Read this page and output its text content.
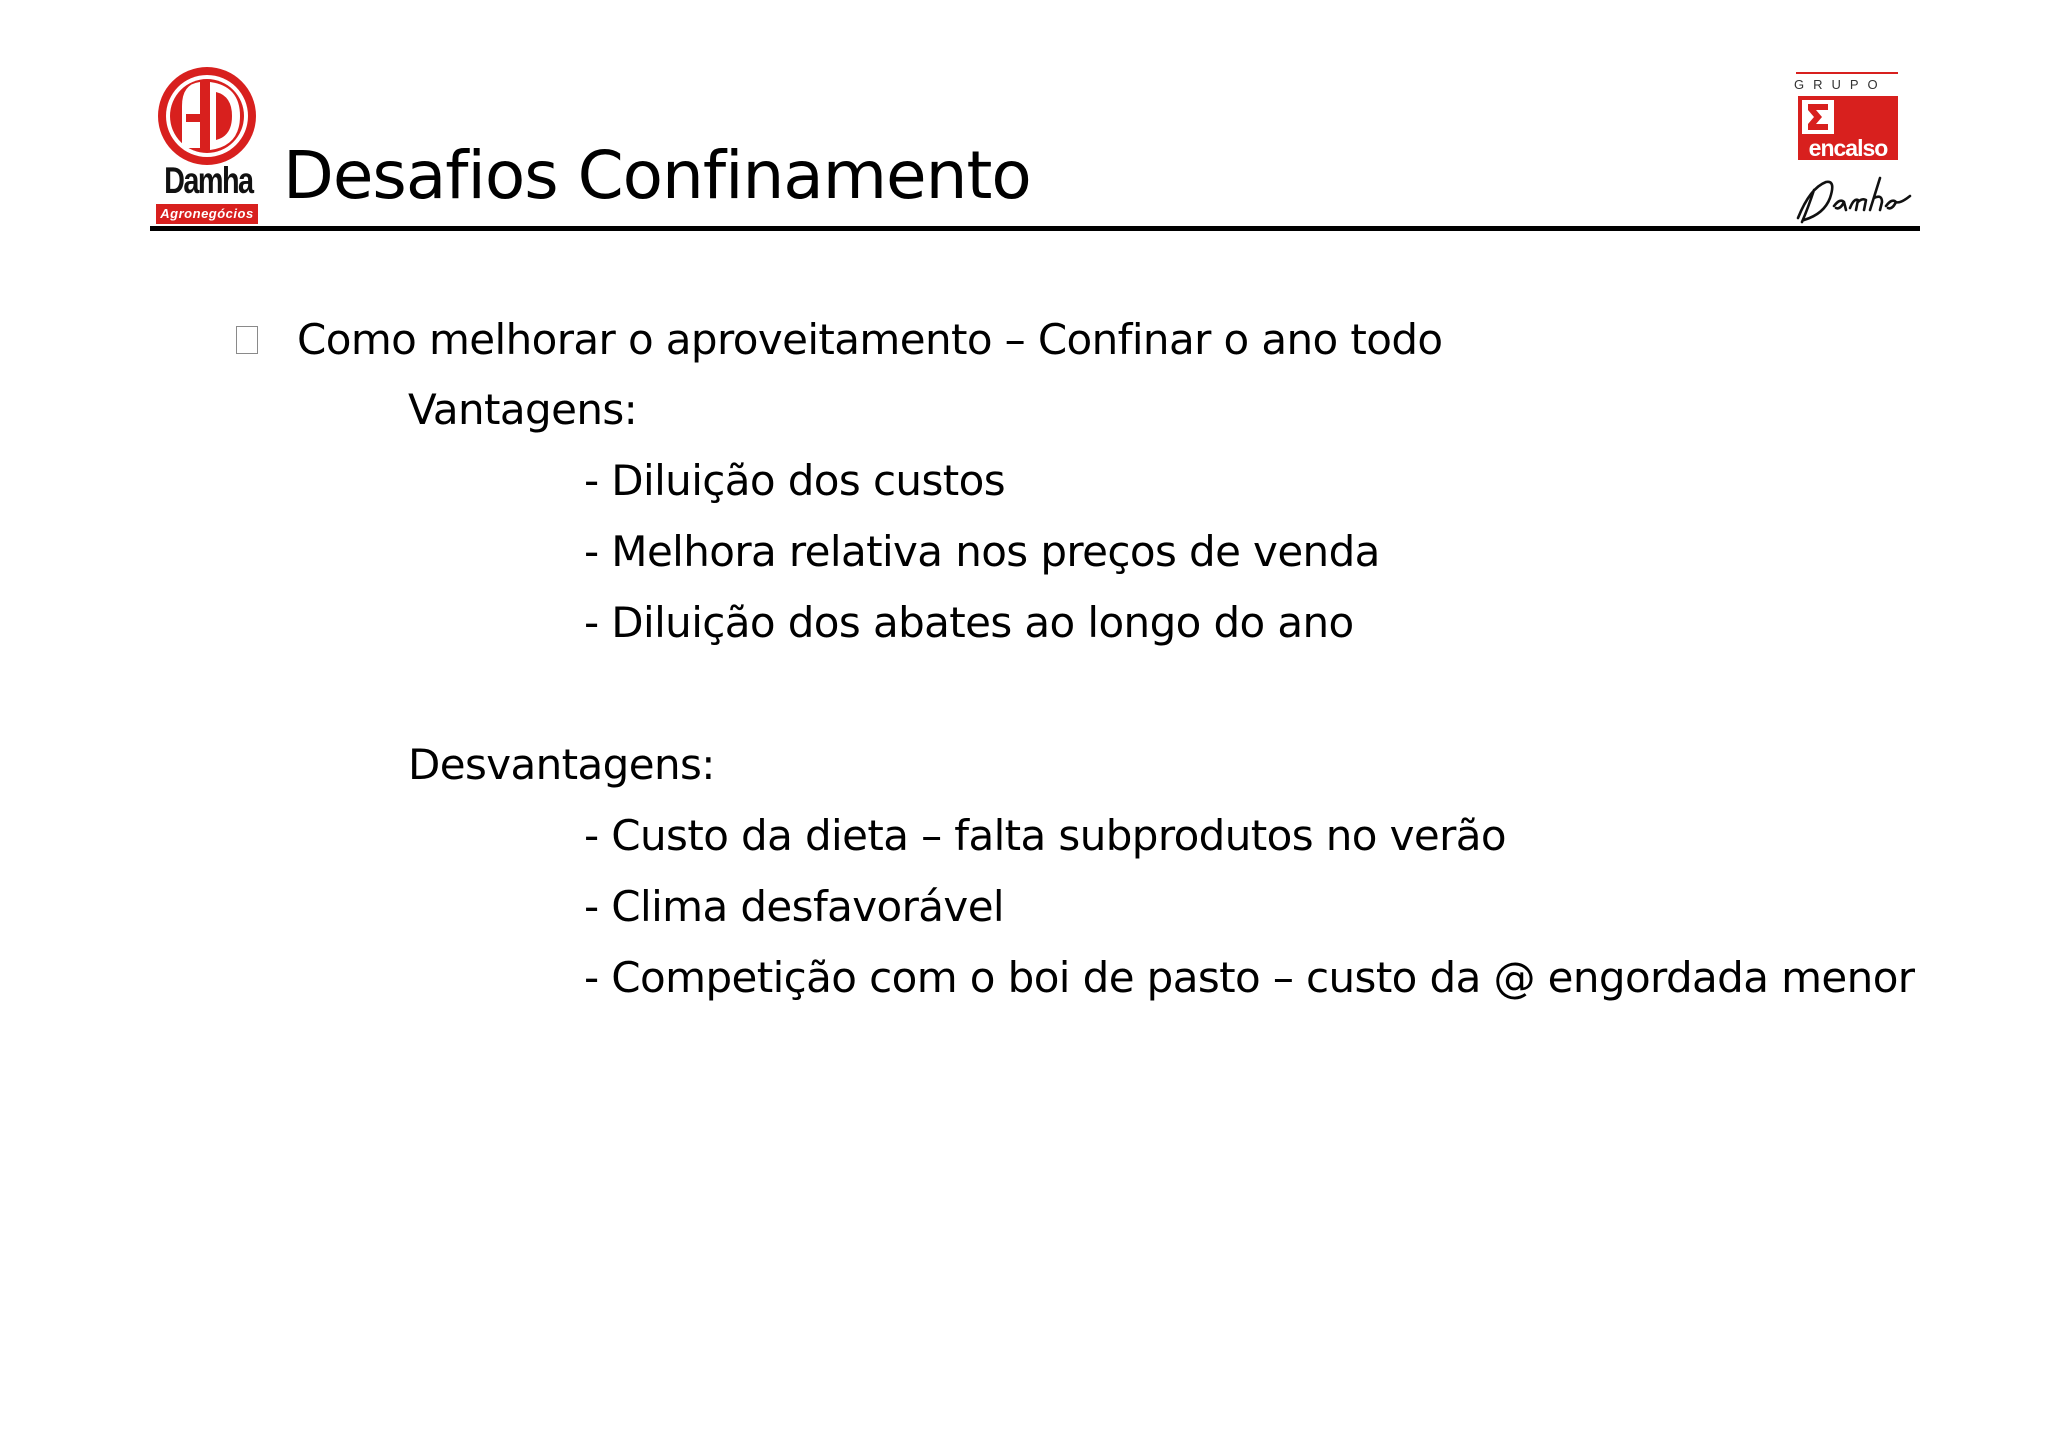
Damha
Agronegócios Desafios Confinamento
GRUPO
encalso
Como melhorar o aproveitamento – Confinar o ano todo
Vantagens:
- Diluição dos custos
- Melhora relativa nos preços de venda
- Diluição dos abates ao longo do ano
Desvantagens:
- Custo da dieta – falta subprodutos no verão
- Clima desfavorável
- Competição com o boi de pasto – custo da @ engordada menor
